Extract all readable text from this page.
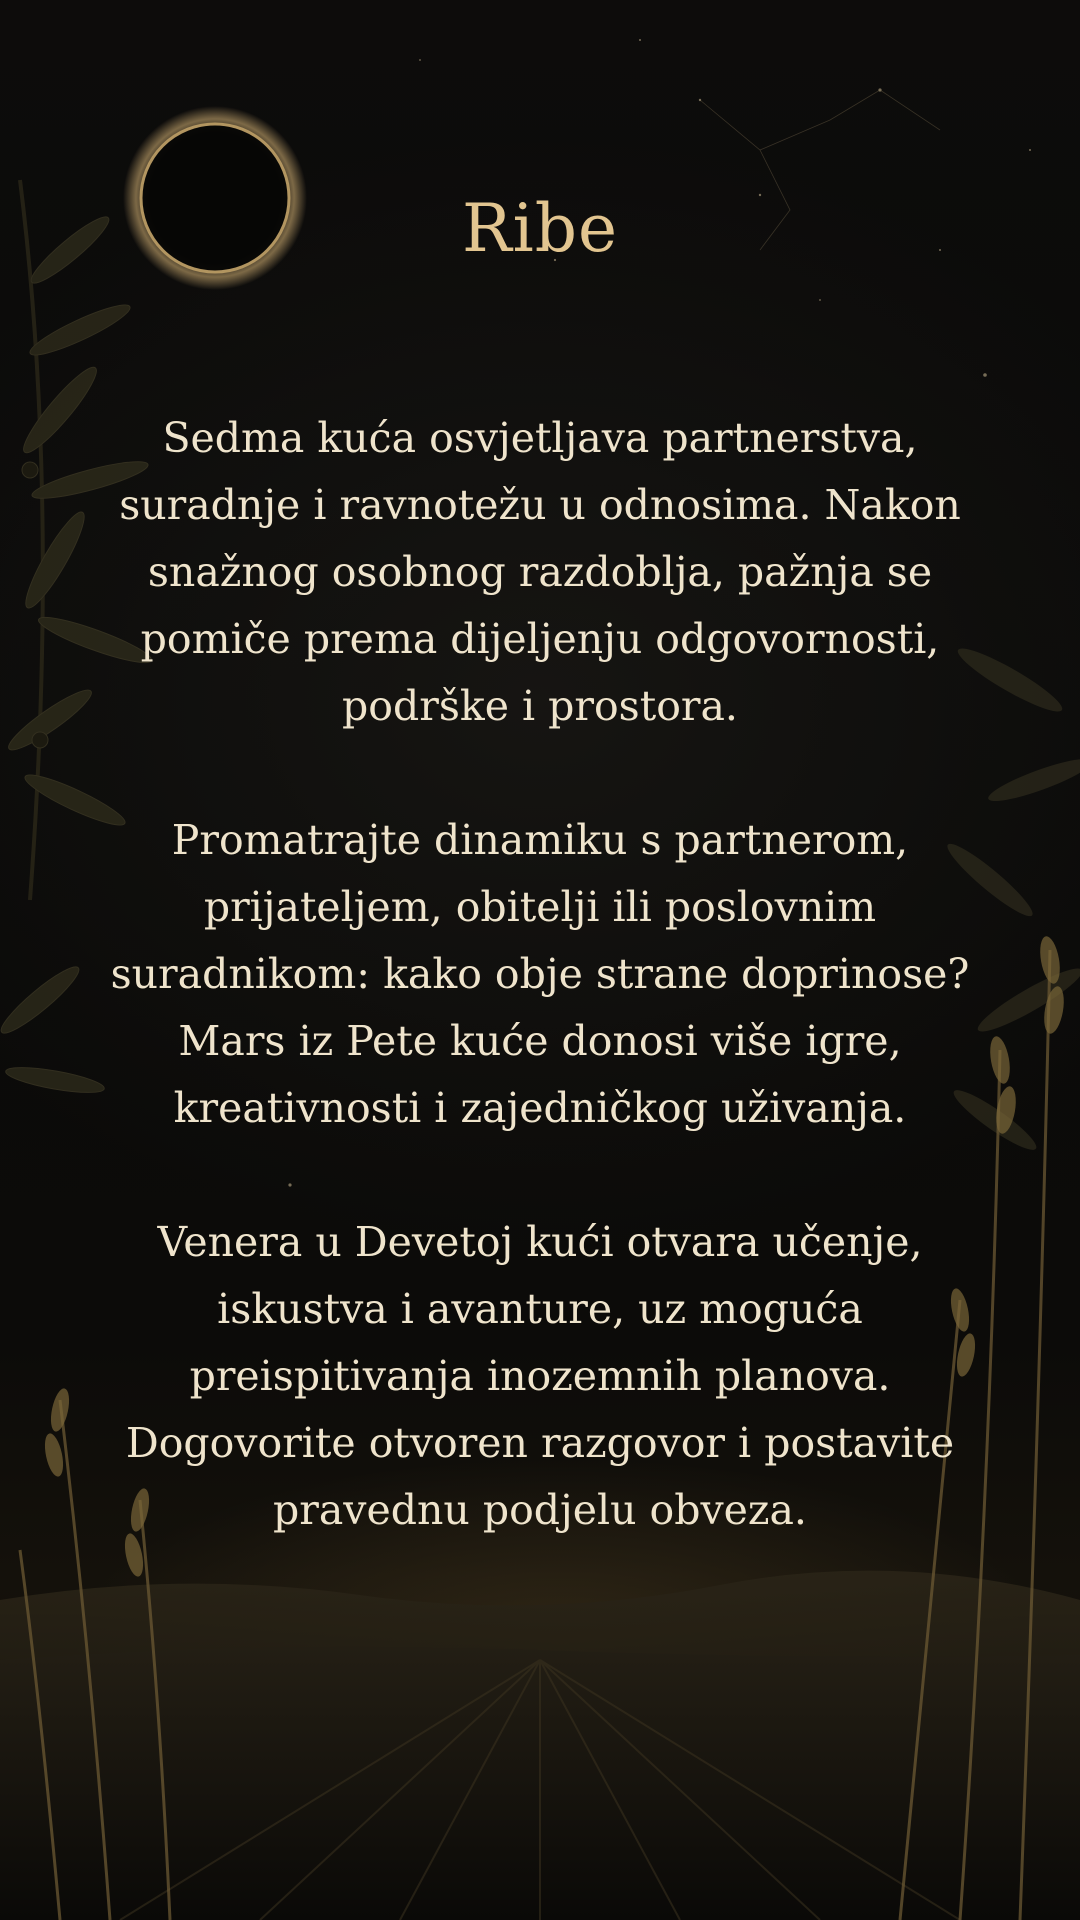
Ribe

Sedma kuća osvjetljava partnerstva, suradnje i ravnotežu u odnosima. Nakon snažnog osobnog razdoblja, pažnja se pomiče prema dijeljenju odgovornosti, podrške i prostora.

Promatrajte dinamiku s partnerom, prijateljem, obitelji ili poslovnim suradnikom: kako obje strane doprinose? Mars iz Pete kuće donosi više igre, kreativnosti i zajedničkog uživanja.

Venera u Devetoj kući otvara učenje, iskustva i avanture, uz moguća preispitivanja inozemnih planova. Dogovorite otvoren razgovor i postavite pravednu podjelu obveza.
